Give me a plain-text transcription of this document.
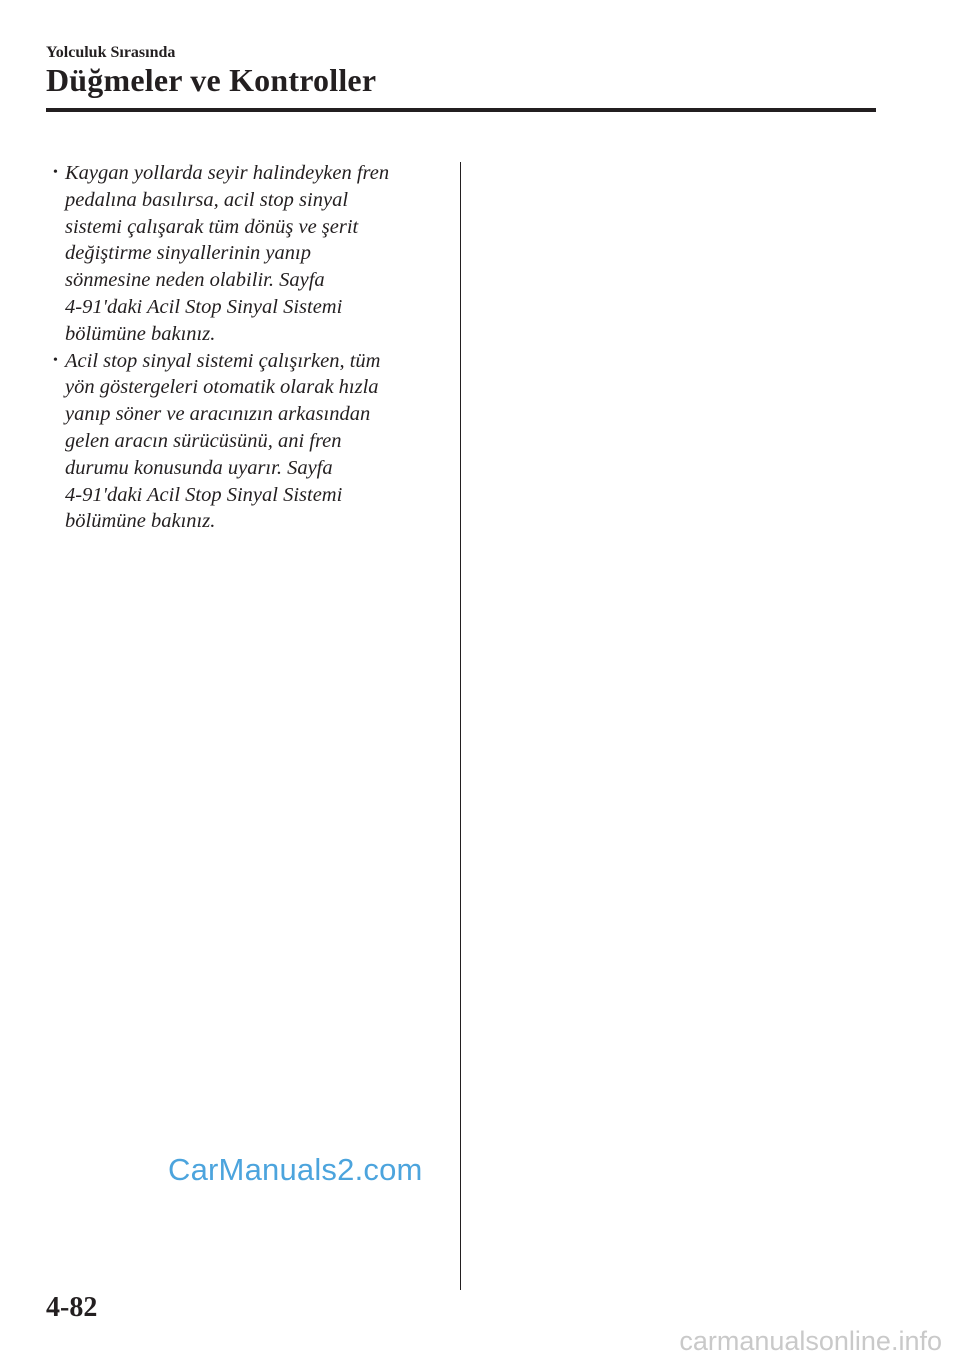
Yolculuk Sırasında
Düğmeler ve Kontroller
• Kaygan yollarda seyir halindeyken fren
pedalına basılırsa, acil stop sinyal
sistemi çalışarak tüm dönüş ve şerit
değiştirme sinyallerinin yanıp
sönmesine neden olabilir. Sayfa
4-91'daki Acil Stop Sinyal Sistemi
bölümüne bakınız.
• Acil stop sinyal sistemi çalışırken, tüm
yön göstergeleri otomatik olarak hızla
yanıp söner ve aracınızın arkasından
gelen aracın sürücüsünü, ani fren
durumu konusunda uyarır. Sayfa
4-91'daki Acil Stop Sinyal Sistemi
bölümüne bakınız.
CarManuals2.com
4-82
carmanualsonline.info
